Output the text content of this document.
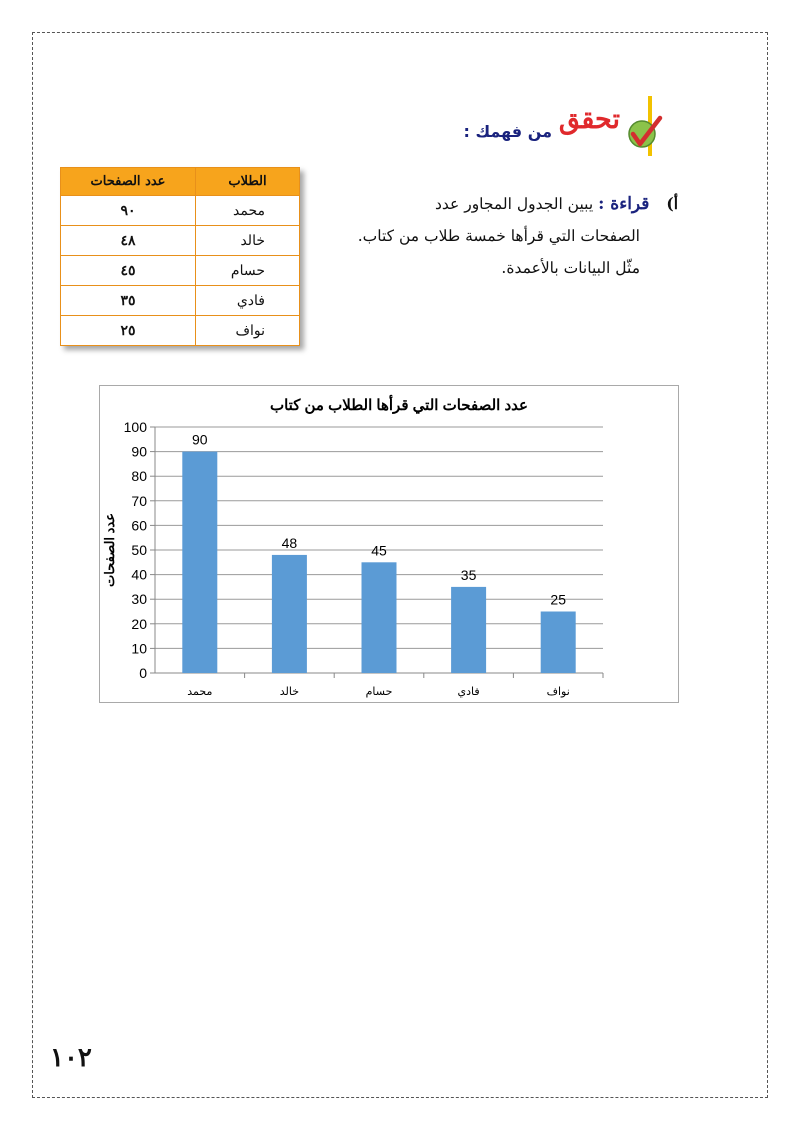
تحقق
من فهمك :
أ) قراءة : يبين الجدول المجاور عدد
الصفحات التي قرأها خمسة طلاب من كتاب.
مثّل البيانات بالأعمدة.
الطلاب	عدد الصفحات
محمد	٩٠
خالد	٤٨
حسام	٤٥
فادي	٣٥
نواف	٢٥
عدد الصفحات التي قرأها الطلاب من كتاب
0
10
20
30
40
50
60
70
80
90
100
عدد الصفحات
90
محمد
48
خالد
45
حسام
35
فادي
25
نواف
١٠٢
